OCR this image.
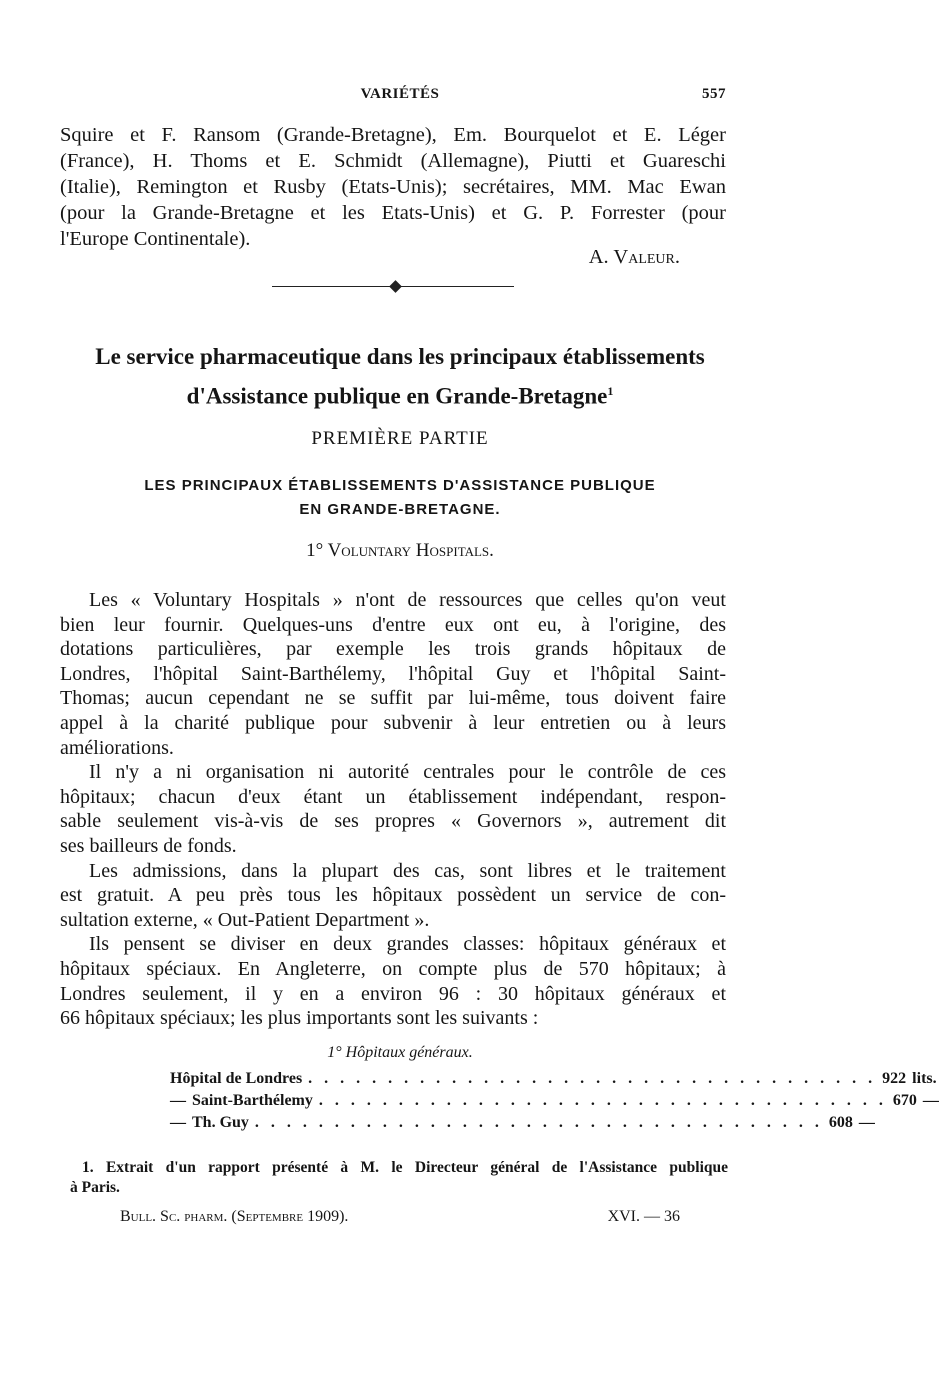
VARIÉTÉS	557
Squire et F. Ransom (Grande-Bretagne), Em. Bourquelot et E. Léger
(France), H. Thoms et E. Schmidt (Allemagne), Piutti et Guareschi
(Italie), Remington et Rusby (Etats-Unis); secrétaires, MM. Mac Ewan
(pour la Grande-Bretagne et les Etats-Unis) et G. P. Forrester (pour
l'Europe Continentale).
A. Valeur.
Le service pharmaceutique dans les principaux établissements
d'Assistance publique en Grande-Bretagne$^1$
PREMIÈRE PARTIE
LES PRINCIPAUX ÉTABLISSEMENTS D'ASSISTANCE PUBLIQUE
EN GRANDE-BRETAGNE.
1° Voluntary Hospitals.
Les « Voluntary Hospitals » n'ont de ressources que celles qu'on veut
bien leur fournir. Quelques-uns d'entre eux ont eu, à l'origine, des
dotations particulières, par exemple les trois grands hôpitaux de
Londres, l'hôpital Saint-Barthélemy, l'hôpital Guy et l'hôpital Saint-
Thomas; aucun cependant ne se suffit par lui-même, tous doivent faire
appel à la charité publique pour subvenir à leur entretien ou à leurs
améliorations.
Il n'y a ni organisation ni autorité centrales pour le contrôle de ces
hôpitaux; chacun d'eux étant un établissement indépendant, respon-
sable seulement vis-à-vis de ses propres « Governors », autrement dit
ses bailleurs de fonds.
Les admissions, dans la plupart des cas, sont libres et le traitement
est gratuit. A peu près tous les hôpitaux possèdent un service de con-
sultation externe, « Out-Patient Department ».
Ils pensent se diviser en deux grandes classes: hôpitaux généraux et
hôpitaux spéciaux. En Angleterre, on compte plus de 570 hôpitaux; à
Londres seulement, il y en a environ 96 : 30 hôpitaux généraux et
66 hôpitaux spéciaux; les plus importants sont les suivants :
1° Hôpitaux généraux.
Hôpital de Londres . . . . . . . . . . . . . . . . . . . . . . . . . . . . . . . . . . . . 922 lits.
— Saint-Barthélemy . . . . . . . . . . . . . . . . . . . . . . . . . . . . . . . . . . . . 670 —
— Th. Guy . . . . . . . . . . . . . . . . . . . . . . . . . . . . . . . . . . . . 608 —
1. Extrait d'un rapport présenté à M. le Directeur général de l'Assistance publique
à Paris.
Bull. Sc. pharm. (Septembre 1909).	XVI. — 36
